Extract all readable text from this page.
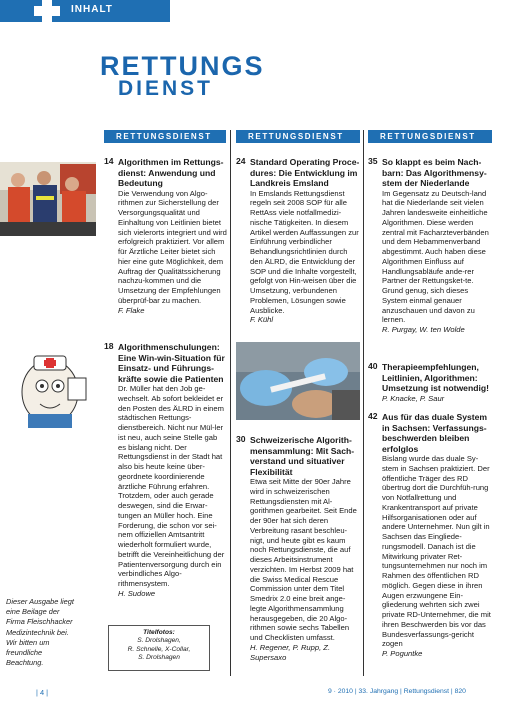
INHALT
RETTUNGS
DIENST
RETTUNGSDIENST	RETTUNGSDIENST	RETTUNGSDIENST
14 Algorithmen im Rettungs-dienst: Anwendung und Bedeutung
Die Verwendung von Algo-rithmen zur Sicherstellung der Versorgungsqualität und Einhaltung von Leitlinien bietet sich vielerorts integriert und wird erfolgreich praktiziert. Vor allem für Ärztliche Leiter bietet sich hier eine gute Möglichkeit, dem Auftrag der Qualitätssicherung nachzu-kommen und die Umsetzung der Empfehlungen überprüf-bar zu machen.
F. Flake
18 Algorithmenschulungen: Eine Win-win-Situation für Einsatz- und Führungs-kräfte sowie die Patienten
Dr. Müller hat den Job ge-wechselt. Ab sofort bekleidet er den Posten des ÄLRD in einem städtischen Rettungs-dienstbereich. Nicht nur Mül-ler ist neu, auch seine Stelle gab es bislang nicht. Der Rettungsdienst in der Stadt hat also bis heute keine über-geordnete koordinierende ärztliche Führung erfahren. Trotzdem, oder auch gerade deswegen, sind die Erwar-tungen an Müller hoch. Eine Forderung, die schon vor sei-nem offiziellen Amtsantritt wiederholt formuliert wurde, betrifft die Vereinheitlichung der Patientenversorgung durch ein verbindliches Algo-rithmensystem.
H. Sudowe
24 Standard Operating Proce-dures: Die Entwicklung im Landkreis Emsland
In Emslands Rettungsdienst regeln seit 2008 SOP für alle RettAss viele notfallmedizi-nische Tätigkeiten. In diesem Artikel werden Auffassungen zur Einführung verbindlicher Behandlungsrichtlinien durch den ÄLRD, die Entwicklung der SOP und die Inhalte vorgestellt, gefolgt von Hin-weisen über die Umsetzung, verbundenen Problemen, Lösungen sowie Ausblicke.
F. Kühl
30 Schweizerische Algorith-mensammlung: Mit Sach-verstand und situativer Flexibilität
Etwa seit Mitte der 90er Jahre wird in schweizerischen Rettungsdiensten mit Al-gorithmen gearbeitet. Seit Ende der 90er hat sich deren Verbreitung rasant beschleu-nigt, und heute gibt es kaum noch Rettungsdienste, die auf dieses Arbeitsinstrument verzichten. Im Herbst 2009 hat die Swiss Medical Rescue Commission unter dem Titel Smedrix 2.0 eine breit ange-legte Algorithmensammlung herausgegeben, die 20 Algo-rithmen sowie sechs Tabellen und Checklisten umfasst.
H. Regener, P. Rupp, Z. Supersaxo
35 So klappt es beim Nach-barn: Das Algorithmensy-stem der Niederlande
Im Gegensatz zu Deutsch-land hat die Niederlande seit vielen Jahren landesweite einheitliche Algorithmen. Diese werden zentral mit Facharzteverbänden und dem Hebammenverband abgestimmt. Auch haben diese Algorithmen Einfluss auf Handlungsabläufe ande-rer Partner der Rettungsket-te. Grund genug, sich dieses System einmal genauer anzuschauen und davon zu lernen.
R. Purgay, W. ten Wolde
40 Therapieempfehlungen, Leitlinien, Algorithmen: Umsetzung ist notwendig!
P. Knacke, P. Saur
42 Aus für das duale System in Sachsen: Verfassungs-beschwerden bleiben erfolglos
Bislang wurde das duale Sy-stem in Sachsen praktiziert. Der öffentliche Träger des RD übertrug dort die Durchfüh-rung von Notfallrettung und Krankentransport auf private Hilfsorganisationen oder auf andere Unternehmer. Nun gilt in Sachsen das Eingliede-rungsmodell. Danach ist die Mitwirkung privater Ret-tungsunternehmen nur noch im Rahmen des öffentlichen RD möglich. Gegen diese in ihren Augen erzwungene Ein-gliederung wehrten sich zwei private RD-Unternehmer, die mit ihren Beschwerden bis vor das Bundesverfassungs-gericht zogen
P. Poguntke
Dieser Ausgabe liegt eine Beilage der Firma Fleischhacker Medizintechnik bei. Wir bitten um freundliche Beachtung.
Titelfotos:
S. Drolshagen,
R. Schnelle, X-Collar,
S. Drolshagen
| 4 |	9 · 2010 | 33. Jahrgang | Rettungsdienst | 820
